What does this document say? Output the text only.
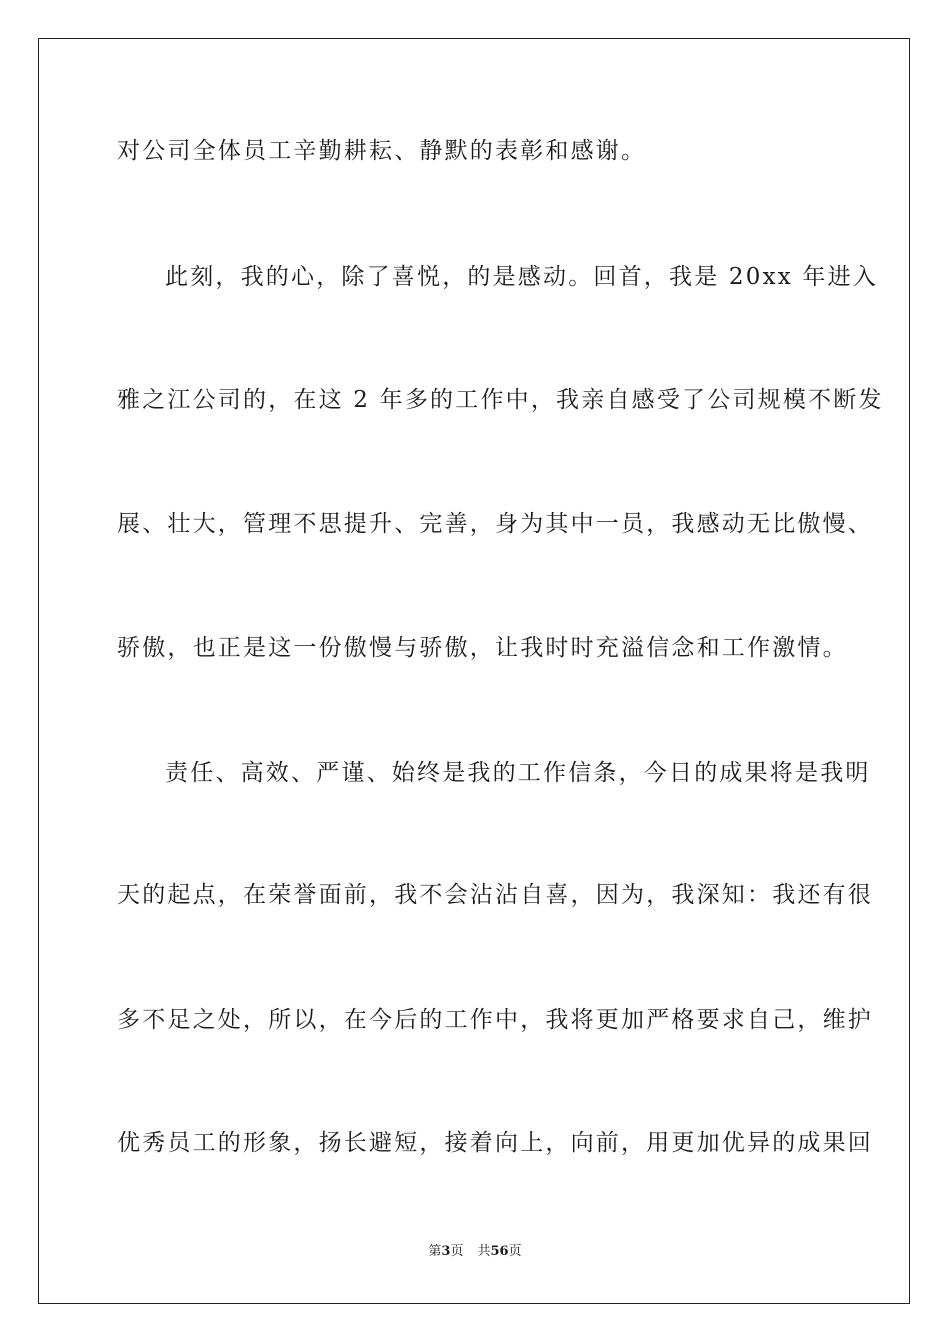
对公司全体员工辛勤耕耘、静默的表彰和感谢。
此刻，我的心，除了喜悦，的是感动。回首，我是 20xx 年进入
雅之江公司的，在这 2 年多的工作中，我亲自感受了公司规模不断发
展、壮大，管理不思提升、完善，身为其中一员，我感动无比傲慢、
骄傲，也正是这一份傲慢与骄傲，让我时时充溢信念和工作激情。
责任、高效、严谨、始终是我的工作信条，今日的成果将是我明
天的起点，在荣誉面前，我不会沾沾自喜，因为，我深知：我还有很
多不足之处，所以，在今后的工作中，我将更加严格要求自己，维护
优秀员工的形象，扬长避短，接着向上，向前，用更加优异的成果回
第3页 共56页
